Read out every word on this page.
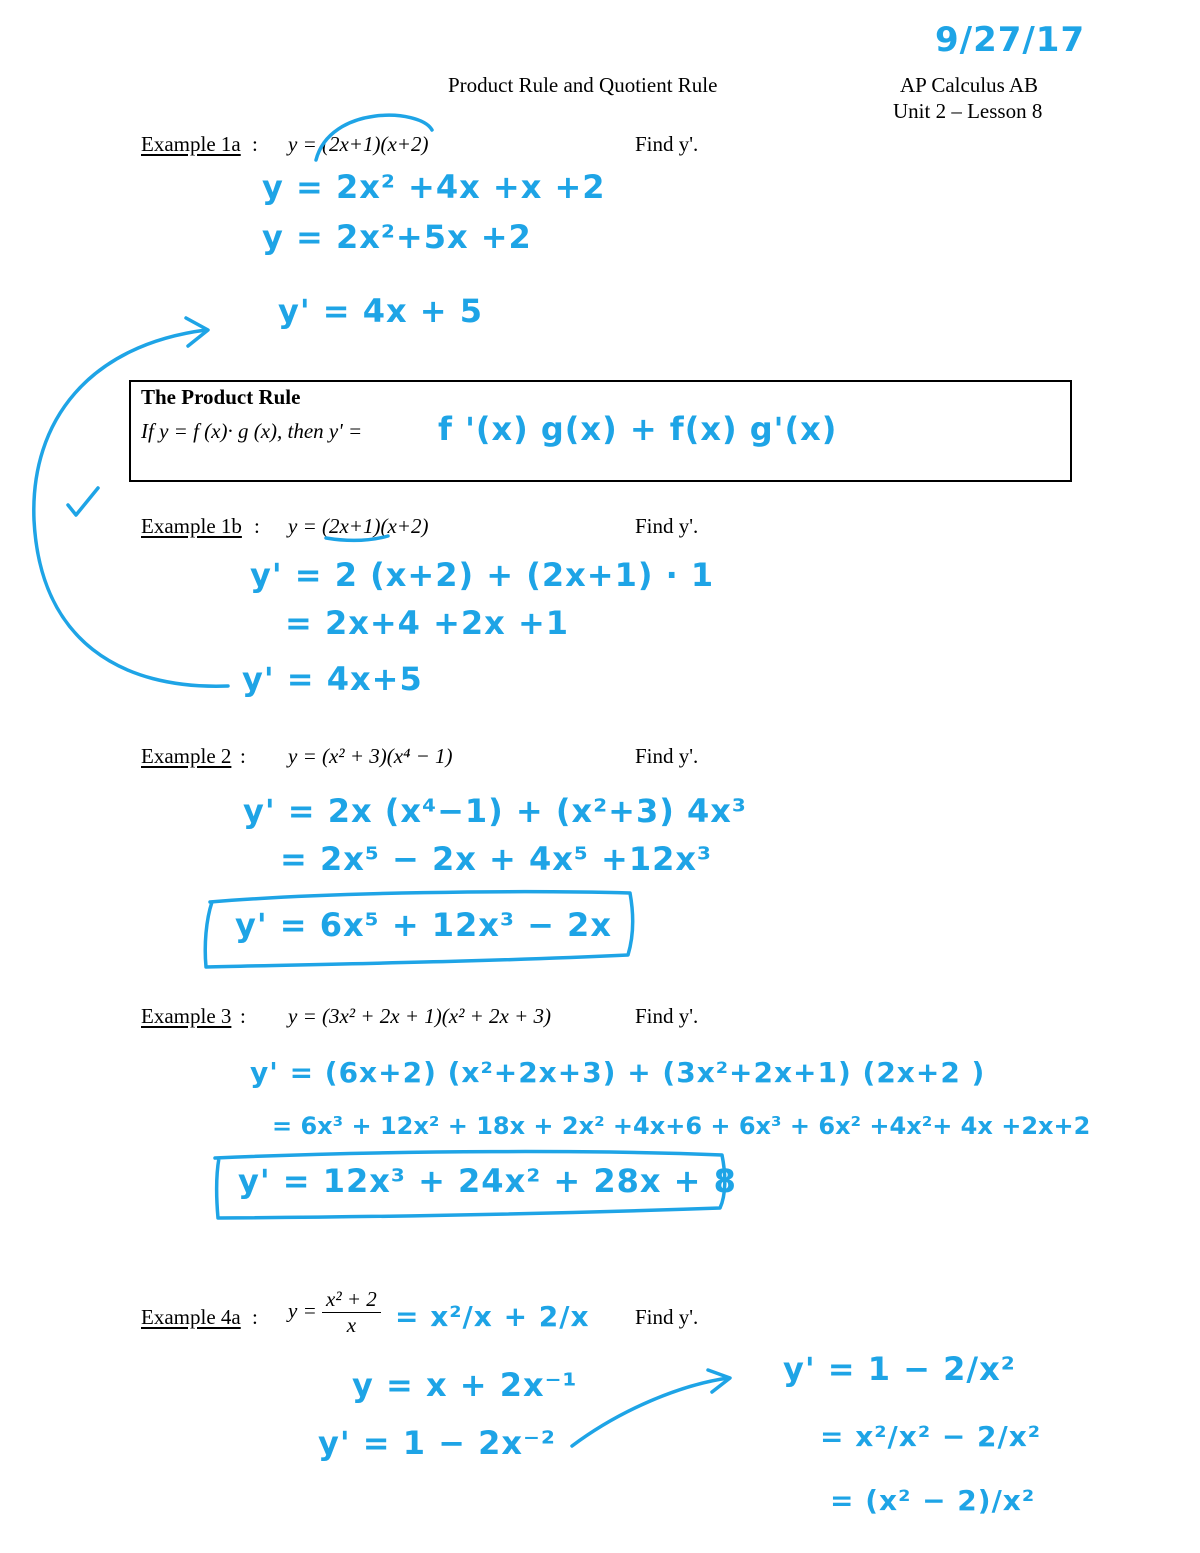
9/27/17
Product Rule and Quotient Rule	AP Calculus AB
Unit 2 – Lesson 8
Example 1a : y = (2x+1)(x+2)	Find y'.
y = 2x² +4x +x +2
y = 2x²+5x +2
y' = 4x + 5
The Product Rule
If y = f (x)· g (x), then y' = f '(x) g(x) + f(x) g'(x)
Example 1b : y = (2x+1)(x+2)	Find y'.
y' = 2 (x+2) + (2x+1) · 1
= 2x+4 +2x +1
y' = 4x+5
Example 2 : y = (x² + 3)(x⁴ − 1)	Find y'.
y' = 2x (x⁴−1) + (x²+3) 4x³
= 2x⁵ − 2x + 4x⁵ +12x³
y' = 6x⁵ + 12x³ − 2x
Example 3 : y = (3x² + 2x + 1)(x² + 2x + 3)	Find y'.
y' = (6x+2) (x²+2x+3) + (3x²+2x+1) (2x+2 )
= 6x³ + 12x² + 18x + 2x² +4x+6 + 6x³ + 6x² +4x²+ 4x +2x+2
y' = 12x³ + 24x² + 28x + 8
Example 4a : $y = \frac{\text{x² + 2}}{x} = x^2/x + 2/x$ Find y'.
y = x + 2x⁻¹
y' = 1 − 2x⁻²
y' = 1 − 2/x²
= x²/x² − 2/x²
= (x² − 2)/x²
